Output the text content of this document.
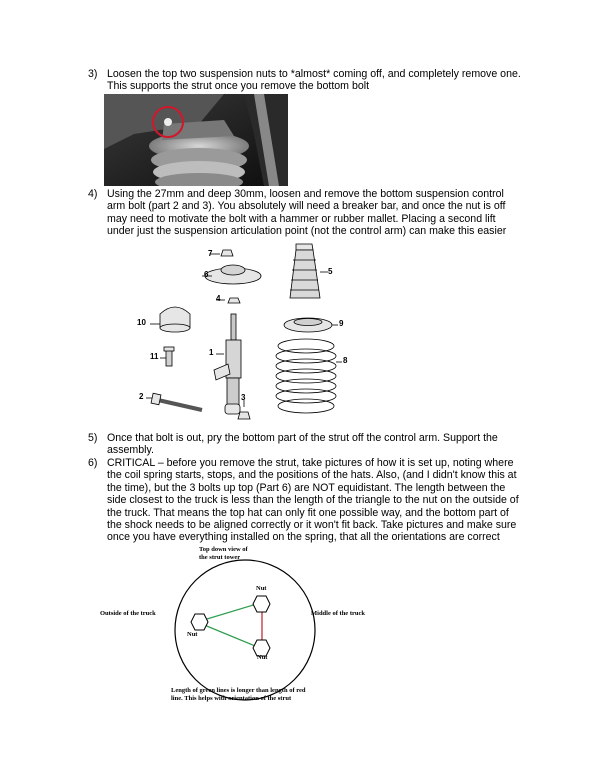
3) Loosen the top two suspension nuts to *almost* coming off, and completely remove one.
This supports the strut once you remove the bottom bolt
4) Using the 27mm and deep 30mm, loosen and remove the bottom suspension control
arm bolt (part 2 and 3). You absolutely will need a breaker bar, and once the nut is off
may need to motivate the bolt with a hammer or rubber mallet. Placing a second lift
under just the suspension articulation point (not the control arm) can make this easier
7
6	5
4
10	9
1
11	8
2	3
5) Once that bolt is out, pry the bottom part of the strut off the control arm. Support the
assembly.
6) CRITICAL – before you remove the strut, take pictures of how it is set up, noting where
the coil spring starts, stops, and the positions of the hats. Also, (and I didn't know this at
the time), but the 3 bolts up top (Part 6) are NOT equidistant. The length between the
side closest to the truck is less than the length of the triangle to the nut on the outside of
the truck. That means the top hat can only fit one possible way, and the bottom part of
the shock needs to be aligned correctly or it won't fit back. Take pictures and make sure
once you have everything installed on the spring, that all the orientations are correct
Top down view of
the strut tower
Outside of the truck	Middle of the truck
Nut
Nut
Nut
Length of green lines is longer than length of red
line. This helps with orientation of the strut
